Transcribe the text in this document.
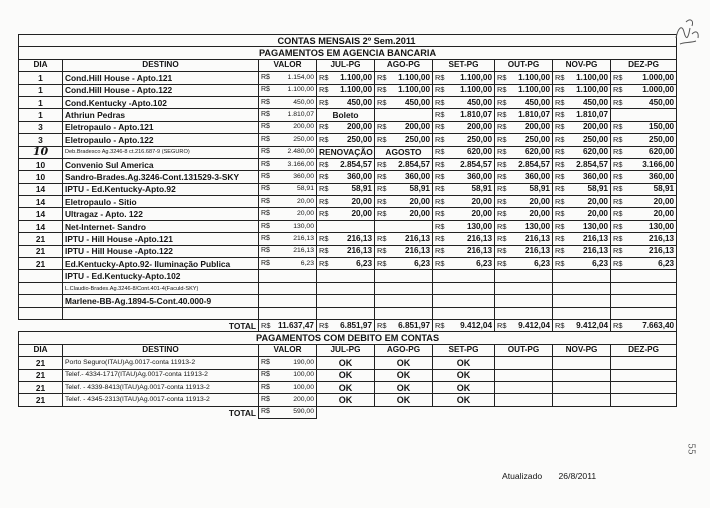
CONTAS MENSAIS 2º Sem.2011								
PAGAMENTOS EM AGENCIA BANCARIA								
DIA	DESTINO	VALOR	JUL-PG	AGO-PG	SET-PG	OUT-PG	NOV-PG	DEZ-PG
1	Cond.Hill House - Apto.121	R$ 1.154,00	R$ 1.100,00	R$ 1.100,00	R$ 1.100,00	R$ 1.100,00	R$ 1.100,00	R$ 1.000,00

1	Cond.Hill House - Apto.122	R$ 1.100,00	R$ 1.100,00	R$ 1.100,00	R$ 1.100,00	R$ 1.100,00	R$ 1.100,00	R$ 1.000,00

1	Cond.Kentucky -Apto.102	R$ 450,00	R$ 450,00	R$ 450,00	R$ 450,00	R$ 450,00	R$ 450,00	R$ 450,00

1	Athriun Pedras	R$ 1.810,07	Boleto		R$ 1.810,07	R$ 1.810,07	R$ 1.810,07	

3	Eletropaulo - Apto.121	R$ 200,00	R$ 200,00	R$ 200,00	R$ 200,00	R$ 200,00	R$ 200,00	R$ 150,00

3	Eletropaulo - Apto.122	R$ 250,00	R$ 250,00	R$ 250,00	R$ 250,00	R$ 250,00	R$ 250,00	R$ 250,00

10	Deb.Bradesco Ag.3246-8 ct.216.687-9 (SEGURO)	R$ 2.480,00	RENOVAÇÃO	AGOSTO	R$ 620,00	R$ 620,00	R$ 620,00	R$ 620,00

10	Convenio Sul America	R$ 3.166,00	R$ 2.854,57	R$ 2.854,57	R$ 2.854,57	R$ 2.854,57	R$ 2.854,57	R$ 3.166,00

10	Sandro-Brades.Ag.3246-Cont.131529-3-SKY	R$ 360,00	R$ 360,00	R$ 360,00	R$ 360,00	R$ 360,00	R$ 360,00	R$ 360,00

14	IPTU - Ed.Kentucky-Apto.92	R$ 58,91	R$ 58,91	R$ 58,91	R$ 58,91	R$ 58,91	R$ 58,91	R$ 58,91

14	Eletropaulo - Sitio	R$ 20,00	R$ 20,00	R$ 20,00	R$ 20,00	R$ 20,00	R$ 20,00	R$ 20,00

14	Ultragaz - Apto. 122	R$ 20,00	R$ 20,00	R$ 20,00	R$ 20,00	R$ 20,00	R$ 20,00	R$ 20,00

14	Net-Internet- Sandro	R$ 130,00			R$ 130,00	R$ 130,00	R$ 130,00	R$ 130,00

21	IPTU - Hill House -Apto.121	R$ 216,13	R$ 216,13	R$ 216,13	R$ 216,13	R$ 216,13	R$ 216,13	R$ 216,13

21	IPTU - Hill House -Apto.122	R$ 216,13	R$ 216,13	R$ 216,13	R$ 216,13	R$ 216,13	R$ 216,13	R$ 216,13

21	Ed.Kentucky-Apto.92- Iluminação Publica	R$ 6,23	R$ 6,23	R$ 6,23	R$ 6,23	R$ 6,23	R$ 6,23	R$ 6,23

	IPTU - Ed.Kentucky-Apto.102							
	L.Claudio-Brades.Ag.3246-8/Cont.401-4(Faculd-SKY)							
	Marlene-BB-Ag.1894-5-Cont.40.000-9							

TOTAL		R$ 11.637,47	R$ 6.851,97	R$ 6.851,97	R$ 9.412,04	R$ 9.412,04	R$ 9.412,04	R$ 7.663,40

PAGAMENTOS COM DEBITO EM CONTAS								
DIA	DESTINO	VALOR	JUL-PG	AGO-PG	SET-PG	OUT-PG	NOV-PG	DEZ-PG
21	Porto Seguro(ITAU)Ag.0017-conta 11913-2	R$ 190,00	OK	OK	OK			
21	Telef.- 4334-1717(ITAU)Ag.0017-conta 11913-2	R$ 100,00	OK	OK	OK			
21	Telef. - 4339-8413(ITAU)Ag.0017-conta 11913-2	R$ 100,00	OK	OK	OK			
21	Telef. - 4345-2313(ITAU)Ag.0017-conta 11913-2	R$ 200,00	OK	OK	OK			
TOTAL		R$ 590,00						

Atualizado 26/8/2011
55
